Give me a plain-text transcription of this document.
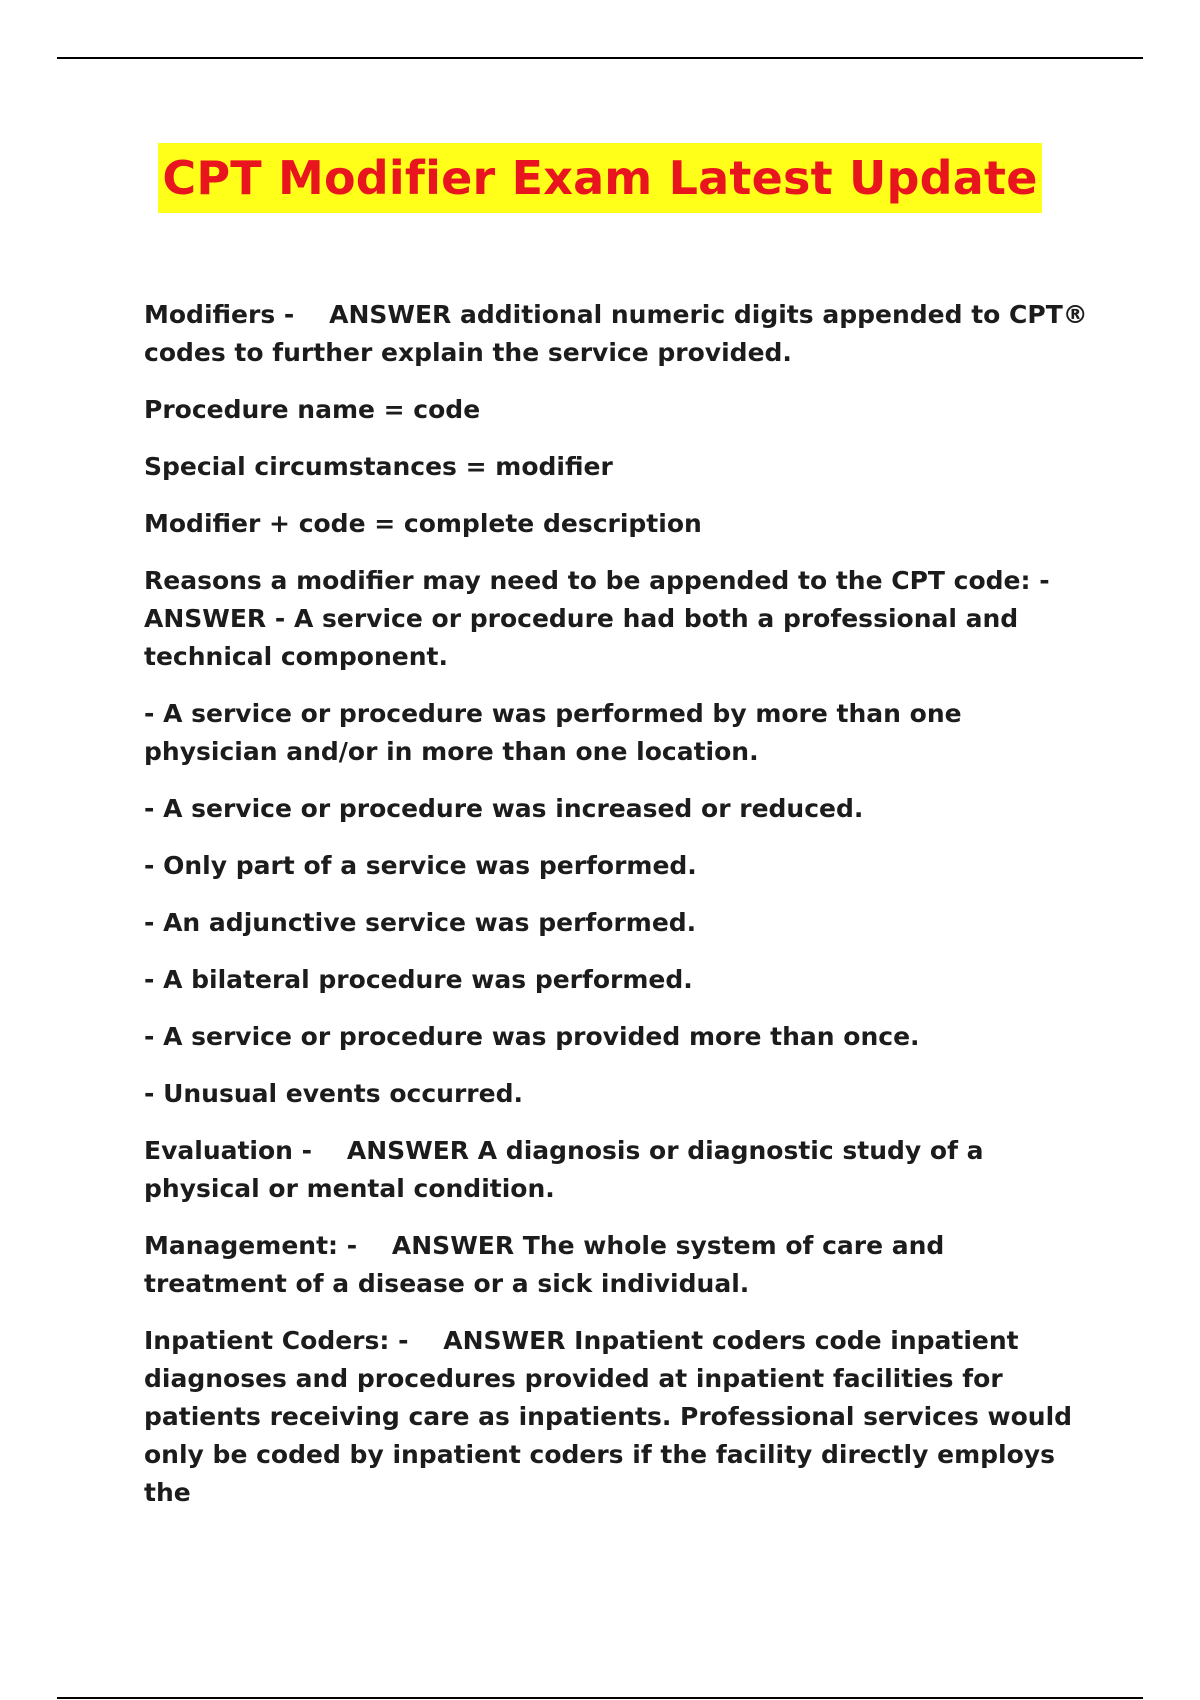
CPT Modifier Exam Latest Update

Modifiers -    ANSWER additional numeric digits appended to CPT® codes to further explain the service provided.

Procedure name = code

Special circumstances = modifier

Modifier + code = complete description

Reasons a modifier may need to be appended to the CPT code: - ANSWER - A service or procedure had both a professional and technical component.

- A service or procedure was performed by more than one physician and/or in more than one location.

- A service or procedure was increased or reduced.

- Only part of a service was performed.

- An adjunctive service was performed.

- A bilateral procedure was performed.

- A service or procedure was provided more than once.

- Unusual events occurred.

Evaluation -    ANSWER A diagnosis or diagnostic study of a physical or mental condition.

Management: -    ANSWER The whole system of care and treatment of a disease or a sick individual.

Inpatient Coders: -    ANSWER Inpatient coders code inpatient diagnoses and procedures provided at inpatient facilities for patients receiving care as inpatients. Professional services would only be coded by inpatient coders if the facility directly employs the
